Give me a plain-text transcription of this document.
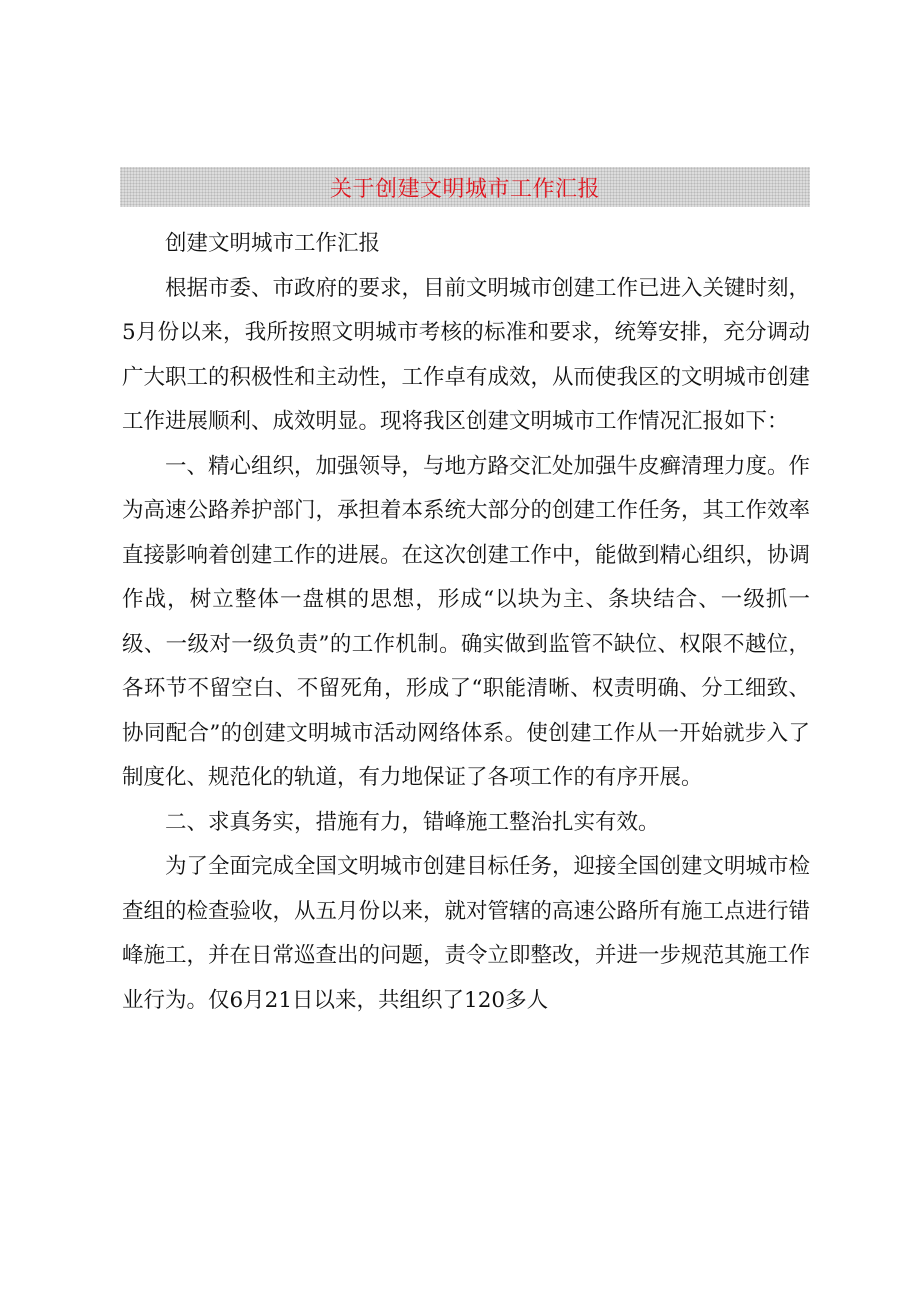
关于创建文明城市工作汇报

创建文明城市工作汇报

根据市委、市政府的要求，目前文明城市创建工作已进入关键时刻，5月份以来，我所按照文明城市考核的标准和要求，统筹安排，充分调动广大职工的积极性和主动性，工作卓有成效，从而使我区的文明城市创建工作进展顺利、成效明显。现将我区创建文明城市工作情况汇报如下：

一、精心组织，加强领导，与地方路交汇处加强牛皮癣清理力度。作为高速公路养护部门，承担着本系统大部分的创建工作任务，其工作效率直接影响着创建工作的进展。在这次创建工作中，能做到精心组织，协调作战，树立整体一盘棋的思想，形成“以块为主、条块结合、一级抓一级、一级对一级负责”的工作机制。确实做到监管不缺位、权限不越位，各环节不留空白、不留死角，形成了“职能清晰、权责明确、分工细致、协同配合”的创建文明城市活动网络体系。使创建工作从一开始就步入了制度化、规范化的轨道，有力地保证了各项工作的有序开展。

二、求真务实，措施有力，错峰施工整治扎实有效。

为了全面完成全国文明城市创建目标任务，迎接全国创建文明城市检查组的检查验收，从五月份以来，就对管辖的高速公路所有施工点进行错峰施工，并在日常巡查出的问题，责令立即整改，并进一步规范其施工作业行为。仅6月21日以来，共组织了120多人
